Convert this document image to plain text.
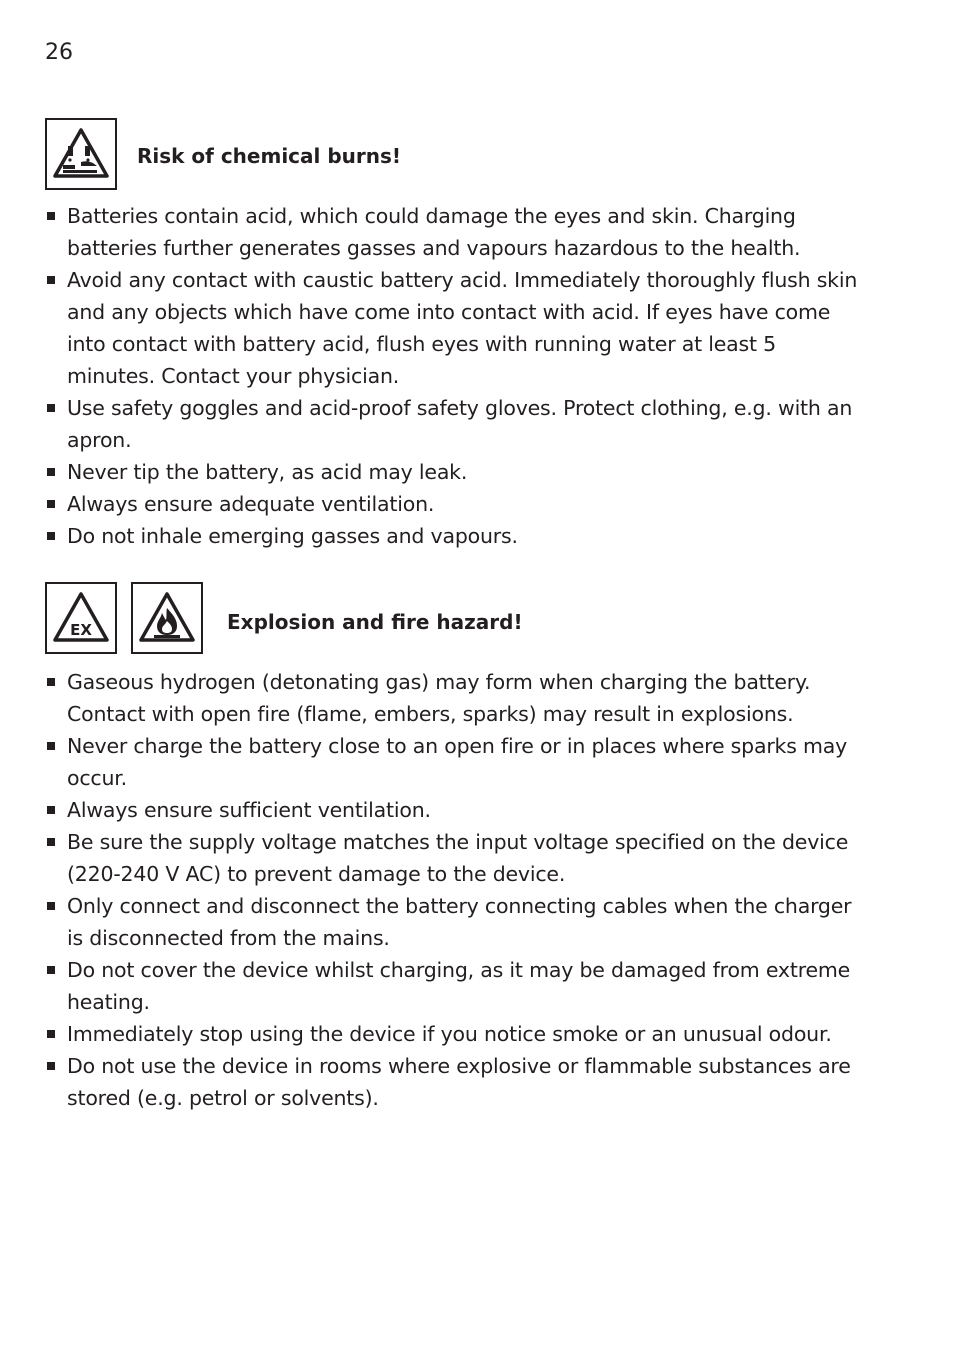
26
Risk of chemical burns!
Batteries contain acid, which could damage the eyes and skin. Charging batteries further generates gasses and vapours hazardous to the health.
Avoid any contact with caustic battery acid. Immediately thoroughly flush skin and any objects which have come into contact with acid. If eyes have come into contact with battery acid, flush eyes with running water at least 5 minutes. Contact your physician.
Use safety goggles and acid-proof safety gloves. Protect clothing, e.g. with an apron.
Never tip the battery, as acid may leak.
Always ensure adequate ventilation.
Do not inhale emerging gasses and vapours.
EX	Explosion and fire hazard!
Gaseous hydrogen (detonating gas) may form when charging the battery. Contact with open fire (flame, embers, sparks) may result in explosions.
Never charge the battery close to an open fire or in places where sparks may occur.
Always ensure sufficient ventilation.
Be sure the supply voltage matches the input voltage specified on the device (220-240 V AC) to prevent damage to the device.
Only connect and disconnect the battery connecting cables when the charger is disconnected from the mains.
Do not cover the device whilst charging, as it may be damaged from extreme heating.
Immediately stop using the device if you notice smoke or an unusual odour.
Do not use the device in rooms where explosive or flammable substances are stored (e.g. petrol or solvents).
